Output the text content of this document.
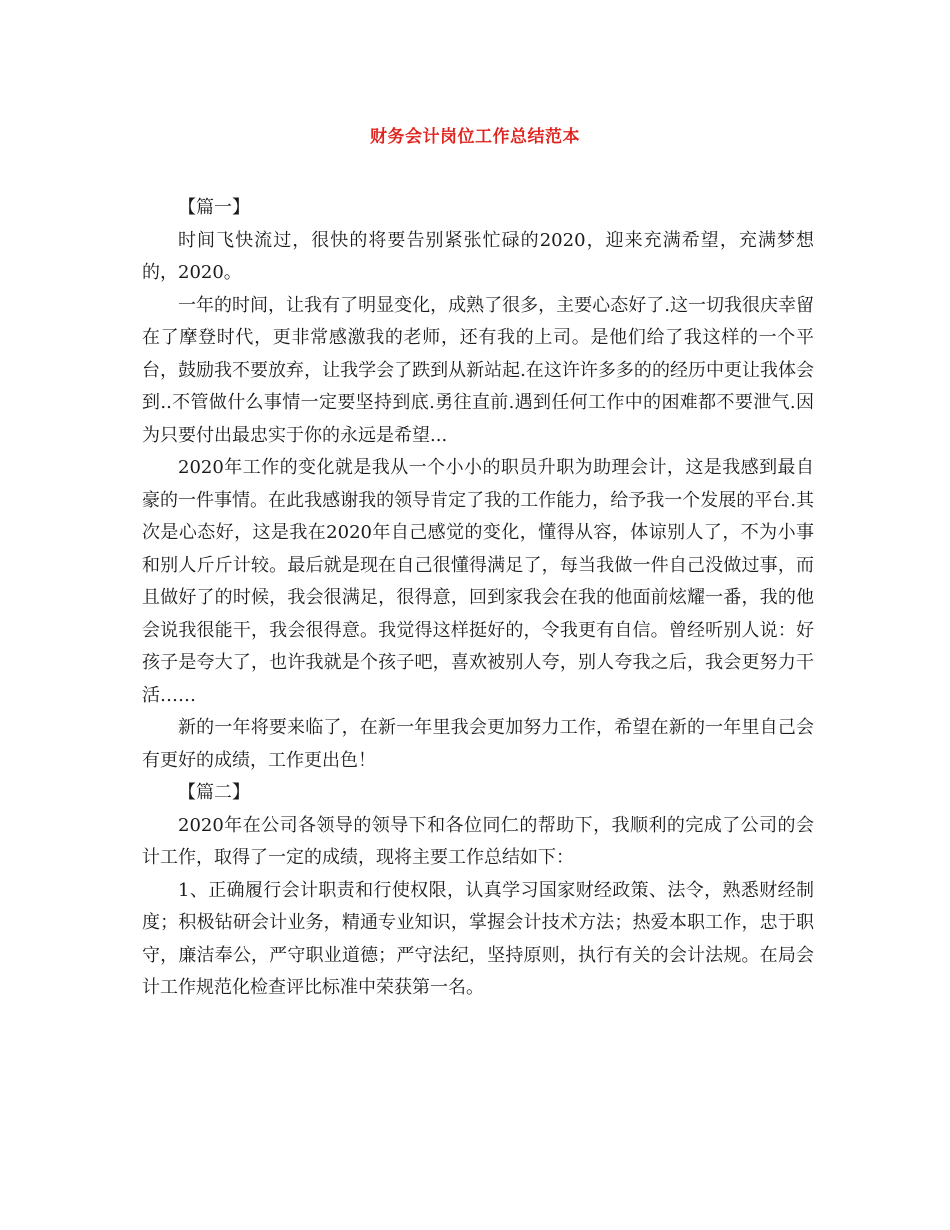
财务会计岗位工作总结范本

【篇一】

时间飞快流过，很快的将要告别紧张忙碌的2020，迎来充满希望，充满梦想的，2020。

一年的时间，让我有了明显变化，成熟了很多，主要心态好了.这一切我很庆幸留在了摩登时代，更非常感激我的老师，还有我的上司。是他们给了我这样的一个平台，鼓励我不要放弃，让我学会了跌到从新站起.在这许许多多的的经历中更让我体会到..不管做什么事情一定要坚持到底.勇往直前.遇到任何工作中的困难都不要泄气.因为只要付出最忠实于你的永远是希望...

2020年工作的变化就是我从一个小小的职员升职为助理会计，这是我感到最自豪的一件事情。在此我感谢我的领导肯定了我的工作能力，给予我一个发展的平台.其次是心态好，这是我在2020年自己感觉的变化，懂得从容，体谅别人了，不为小事和别人斤斤计较。最后就是现在自己很懂得满足了，每当我做一件自己没做过事，而且做好了的时候，我会很满足，很得意，回到家我会在我的他面前炫耀一番，我的他会说我很能干，我会很得意。我觉得这样挺好的，令我更有自信。曾经听别人说：好孩子是夸大了，也许我就是个孩子吧，喜欢被别人夸，别人夸我之后，我会更努力干活……

新的一年将要来临了，在新一年里我会更加努力工作，希望在新的一年里自己会有更好的成绩，工作更出色！

【篇二】

2020年在公司各领导的领导下和各位同仁的帮助下，我顺利的完成了公司的会计工作，取得了一定的成绩，现将主要工作总结如下：

1、正确履行会计职责和行使权限，认真学习国家财经政策、法令，熟悉财经制度；积极钻研会计业务，精通专业知识，掌握会计技术方法；热爱本职工作，忠于职守，廉洁奉公，严守职业道德；严守法纪，坚持原则，执行有关的会计法规。在局会计工作规范化检查评比标准中荣获第一名。
